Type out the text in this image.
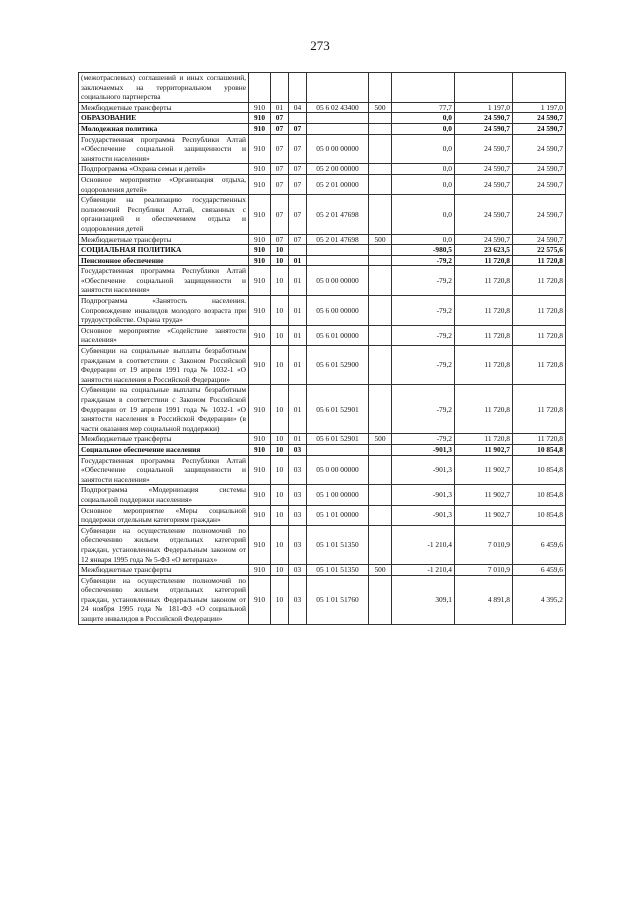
273
(межотраслевых) соглашений и иных соглашений, заключаемых на территориальном уровне социального партнерства								
Межбюджетные трансферты	910	01	04	05 6 02 43400	500	77,7	1 197,0	1 197,0
ОБРАЗОВАНИЕ	910	07				0,0	24 590,7	24 590,7
Молодежная политика	910	07	07			0,0	24 590,7	24 590,7
Государственная программа Республики Алтай «Обеспечение социальной защищенности и занятости населения»	910	07	07	05 0 00 00000		0,0	24 590,7	24 590,7
Подпрограмма «Охрана семьи и детей»	910	07	07	05 2 00 00000		0,0	24 590,7	24 590,7
Основное мероприятие «Организация отдыха, оздоровления детей»	910	07	07	05 2 01 00000		0,0	24 590,7	24 590,7
Субвенции на реализацию государственных полномочий Республики Алтай, связанных с организацией и обеспечением отдыха и оздоровления детей	910	07	07	05 2 01 47698		0,0	24 590,7	24 590,7
Межбюджетные трансферты	910	07	07	05 2 01 47698	500	0,0	24 590,7	24 590,7
СОЦИАЛЬНАЯ ПОЛИТИКА	910	10				-980,5	23 623,5	22 575,6
Пенсионное обеспечение	910	10	01			-79,2	11 720,8	11 720,8
Государственная программа Республики Алтай «Обеспечение социальной защищенности и занятости населения»	910	10	01	05 0 00 00000		-79,2	11 720,8	11 720,8
Подпрограмма «Занятость населения. Сопровождение инвалидов молодого возраста при трудоустройстве. Охрана труда»	910	10	01	05 6 00 00000		-79,2	11 720,8	11 720,8
Основное мероприятие «Содействие занятости населения»	910	10	01	05 6 01 00000		-79,2	11 720,8	11 720,8
Субвенции на социальные выплаты безработным гражданам в соответствии с Законом Российской Федерации от 19 апреля 1991 года № 1032-1 «О занятости населения в Российской Федерации»	910	10	01	05 6 01 52900		-79,2	11 720,8	11 720,8
Субвенции на социальные выплаты безработным гражданам в соответствии с Законом Российской Федерации от 19 апреля 1991 года № 1032-1 «О занятости населения в Российской Федерации» (в части оказания мер социальной поддержки)	910	10	01	05 6 01 52901		-79,2	11 720,8	11 720,8
Межбюджетные трансферты	910	10	01	05 6 01 52901	500	-79,2	11 720,8	11 720,8
Социальное обеспечение населения	910	10	03			-901,3	11 902,7	10 854,8
Государственная программа Республики Алтай «Обеспечение социальной защищенности и занятости населения»	910	10	03	05 0 00 00000		-901,3	11 902,7	10 854,8
Подпрограмма «Модернизация системы социальной поддержки населения»	910	10	03	05 1 00 00000		-901,3	11 902,7	10 854,8
Основное мероприятие «Меры социальной поддержки отдельным категориям граждан»	910	10	03	05 1 01 00000		-901,3	11 902,7	10 854,8
Субвенции на осуществление полномочий по обеспечению жильем отдельных категорий граждан, установленных Федеральным законом от 12 января 1995 года № 5-ФЗ «О ветеранах»	910	10	03	05 1 01 51350		-1 210,4	7 010,9	6 459,6
Межбюджетные трансферты	910	10	03	05 1 01 51350	500	-1 210,4	7 010,9	6 459,6
Субвенции на осуществление полномочий по обеспечению жильем отдельных категорий граждан, установленных Федеральным законом от 24 ноября 1995 года № 181-ФЗ «О социальной защите инвалидов в Российской Федерации»	910	10	03	05 1 01 51760		309,1	4 891,8	4 395,2
